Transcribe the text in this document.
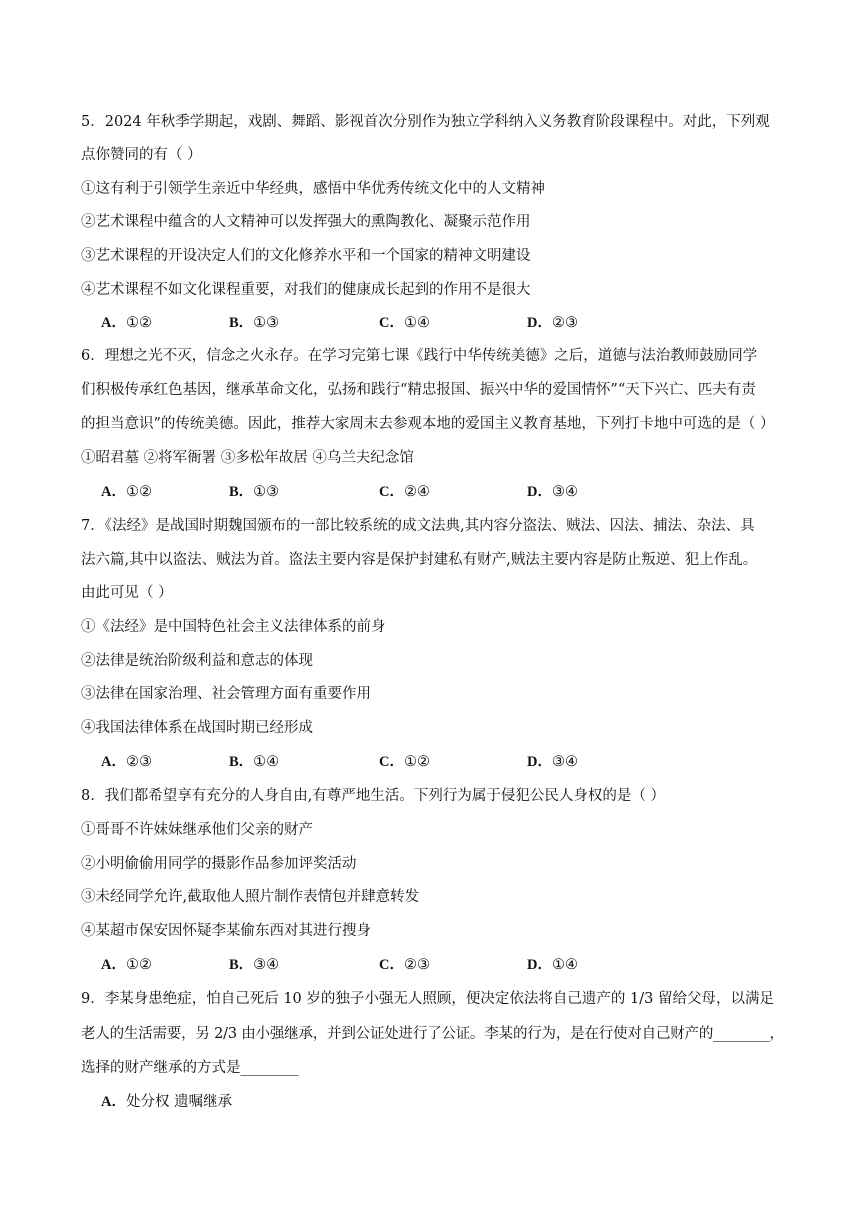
5．2024 年秋季学期起，戏剧、舞蹈、影视首次分别作为独立学科纳入义务教育阶段课程中。对此，下列观
点你赞同的有（ ）
①这有利于引领学生亲近中华经典，感悟中华优秀传统文化中的人文精神
②艺术课程中蕴含的人文精神可以发挥强大的熏陶教化、凝聚示范作用
③艺术课程的开设决定人们的文化修养水平和一个国家的精神文明建设
④艺术课程不如文化课程重要，对我们的健康成长起到的作用不是很大
A．①②	B．①③	C．①④	D．②③
6．理想之光不灭，信念之火永存。在学习完第七课《践行中华传统美德》之后，道德与法治教师鼓励同学
们积极传承红色基因，继承革命文化，弘扬和践行“精忠报国、振兴中华的爱国情怀”“天下兴亡、匹夫有责
的担当意识”的传统美德。因此，推荐大家周末去参观本地的爱国主义教育基地，下列打卡地中可选的是（ ）
①昭君墓 ②将军衙署 ③多松年故居 ④乌兰夫纪念馆
A．①②	B．①③	C．②④	D．③④
7．《法经》是战国时期魏国颁布的一部比较系统的成文法典,其内容分盗法、贼法、囚法、捕法、杂法、具
法六篇,其中以盗法、贼法为首。盗法主要内容是保护封建私有财产,贼法主要内容是防止叛逆、犯上作乱。
由此可见（ ）
①《法经》是中国特色社会主义法律体系的前身
②法律是统治阶级利益和意志的体现
③法律在国家治理、社会管理方面有重要作用
④我国法律体系在战国时期已经形成
A．②③	B．①④	C．①②	D．③④
8．我们都希望享有充分的人身自由,有尊严地生活。下列行为属于侵犯公民人身权的是（ ）
①哥哥不许妹妹继承他们父亲的财产
②小明偷偷用同学的摄影作品参加评奖活动
③未经同学允许,截取他人照片制作表情包并肆意转发
④某超市保安因怀疑李某偷东西对其进行搜身
A．①②	B．③④	C．②③	D．①④
9．李某身患绝症，怕自己死后 10 岁的独子小强无人照顾，便决定依法将自己遗产的 1/3 留给父母，以满足
老人的生活需要，另 2/3 由小强继承，并到公证处进行了公证。李某的行为，是在行使对自己财产的________，
选择的财产继承的方式是________
A．处分权 遗嘱继承
